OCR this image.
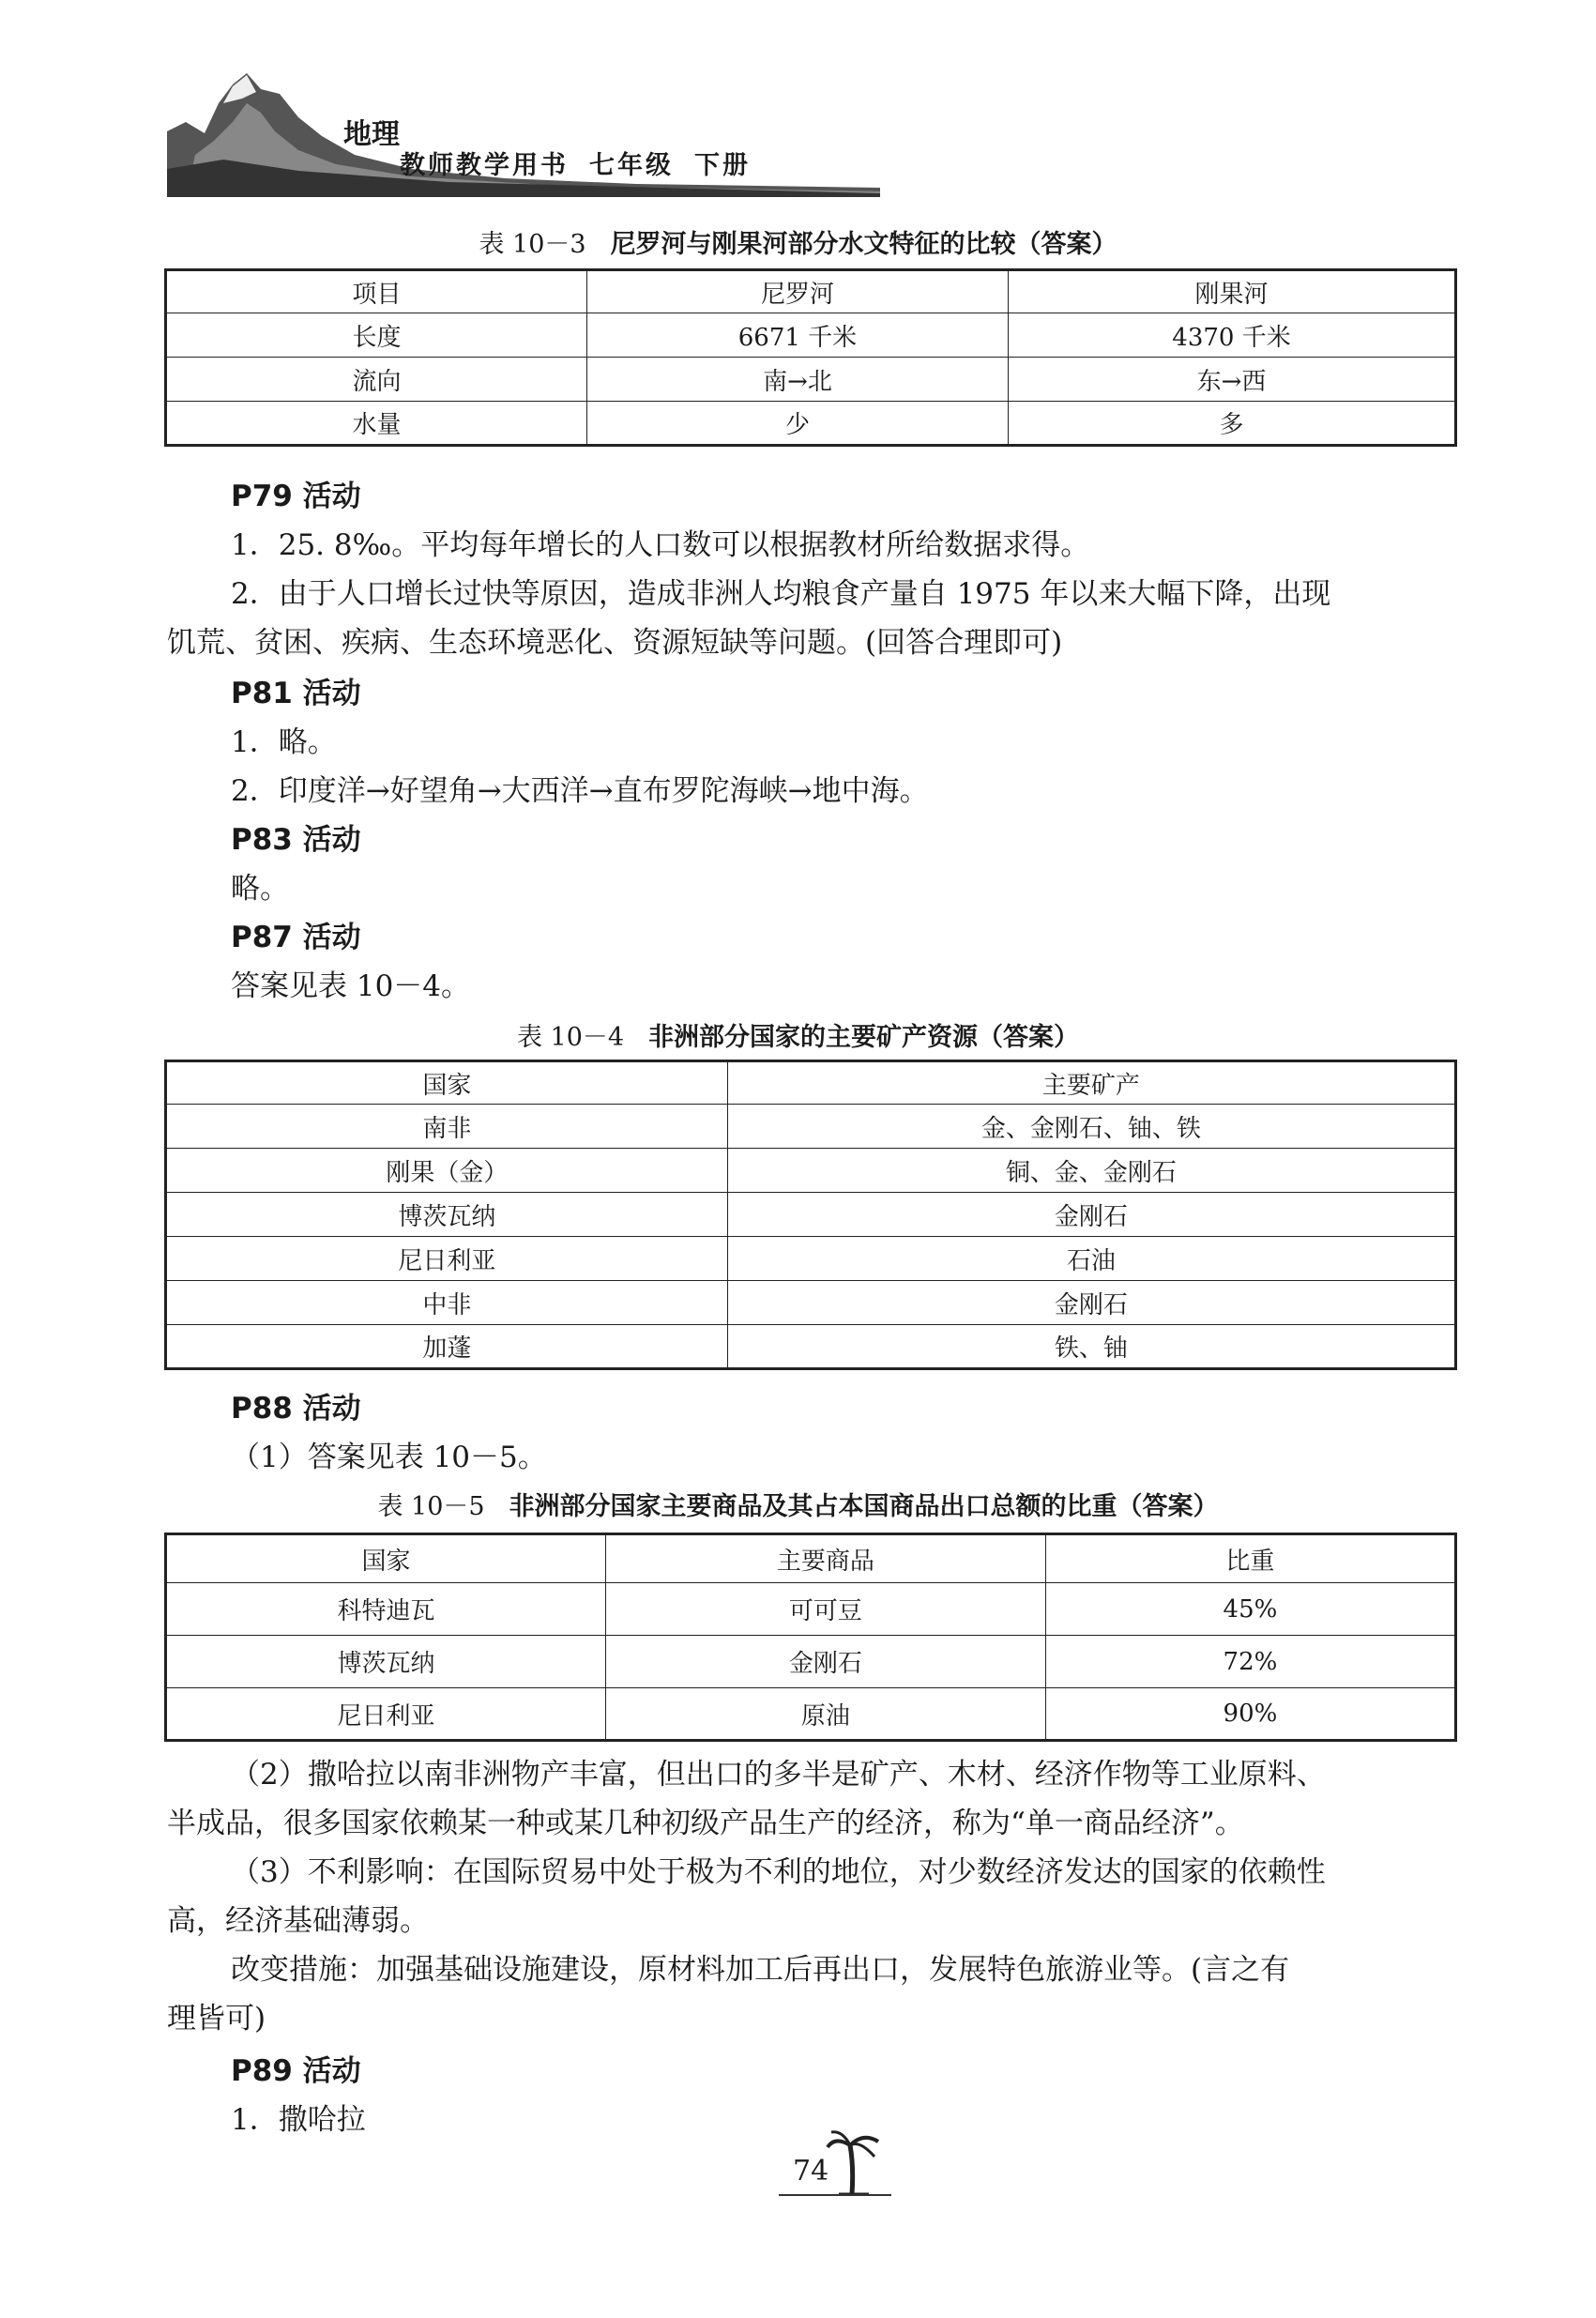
地理
教师教学用书 七年级 下册
表 10－3 尼罗河与刚果河部分水文特征的比较（答案）
项目	尼罗河	刚果河
长度	6671 千米	4370 千米
流向	南→北	东→西
水量	少	多
P79 活动
1．25. 8‰。平均每年增长的人口数可以根据教材所给数据求得。
2．由于人口增长过快等原因，造成非洲人均粮食产量自 1975 年以来大幅下降，出现
饥荒、贫困、疾病、生态环境恶化、资源短缺等问题。(回答合理即可)
P81 活动
1．略。
2．印度洋→好望角→大西洋→直布罗陀海峡→地中海。
P83 活动
略。
P87 活动
答案见表 10－4。
表 10－4 非洲部分国家的主要矿产资源（答案）
国家	主要矿产
南非	金、金刚石、铀、铁
刚果（金）	铜、金、金刚石
博茨瓦纳	金刚石
尼日利亚	石油
中非	金刚石
加蓬	铁、铀
P88 活动
（1）答案见表 10－5。
表 10－5 非洲部分国家主要商品及其占本国商品出口总额的比重（答案）
国家	主要商品	比重
科特迪瓦	可可豆	45%
博茨瓦纳	金刚石	72%
尼日利亚	原油	90%
（2）撒哈拉以南非洲物产丰富，但出口的多半是矿产、木材、经济作物等工业原料、
半成品，很多国家依赖某一种或某几种初级产品生产的经济，称为“单一商品经济”。
（3）不利影响：在国际贸易中处于极为不利的地位，对少数经济发达的国家的依赖性
高，经济基础薄弱。
改变措施：加强基础设施建设，原材料加工后再出口，发展特色旅游业等。(言之有
理皆可)
P89 活动
1．撒哈拉
74
